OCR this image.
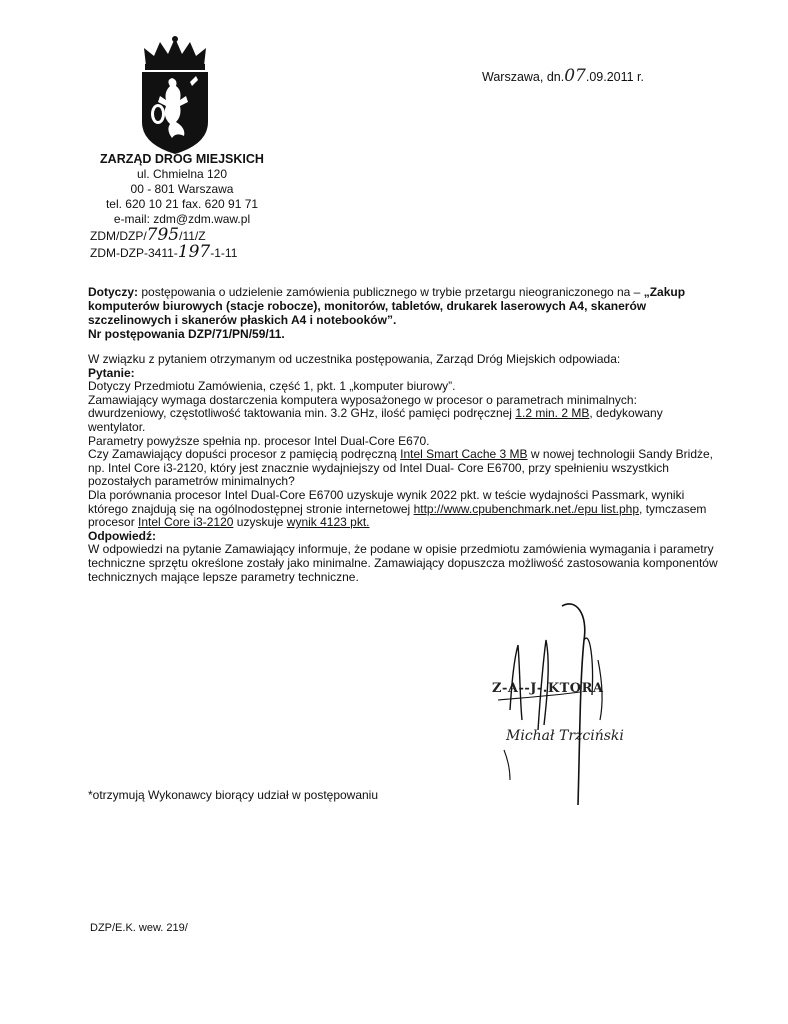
Warszawa, dn.07.09.2011 r.
ZARZĄD DRÓG MIEJSKICH
ul. Chmielna 120
00 - 801 Warszawa
tel. 620 10 21 fax. 620 91 71
e-mail: zdm@zdm.waw.pl
ZDM/DZP/795/11/Z
ZDM-DZP-3411-197-1-11
Dotyczy: postępowania o udzielenie zamówienia publicznego w trybie przetargu nieograniczonego na – „Zakup komputerów biurowych (stacje robocze), monitorów, tabletów, drukarek laserowych A4, skanerów szczelinowych i skanerów płaskich A4 i notebooków”.
Nr postępowania DZP/71/PN/59/11.

W związku z pytaniem otrzymanym od uczestnika postępowania, Zarząd Dróg Miejskich odpowiada:

Pytanie:

Dotyczy Przedmiotu Zamówienia, część 1, pkt. 1 „komputer biurowy”.

Zamawiający wymaga dostarczenia komputera wyposażonego w procesor o parametrach minimalnych: dwurdzeniowy, częstotliwość taktowania min. 3.2 GHz, ilość pamięci podręcznej 1.2 min. 2 MB, dedykowany wentylator.

Parametry powyższe spełnia np. procesor Intel Dual-Core E670.

Czy Zamawiający dopuści procesor z pamięcią podręczną Intel Smart Cache 3 MB w nowej technologii Sandy Bridże, np. Intel Core i3-2120, który jest znacznie wydajniejszy od Intel Dual- Core E6700, przy spełnieniu wszystkich pozostałych parametrów minimalnych?

Dla porównania procesor Intel Dual-Core E6700 uzyskuje wynik 2022 pkt. w teście wydajności Passmark, wyniki którego znajdują się na ogólnodostępnej stronie internetowej http://www.cpubenchmark.net./epu list.php, tymczasem procesor Intel Core i3-2120 uzyskuje wynik 4123 pkt.

Odpowiedź:

W odpowiedzi na pytanie Zamawiający informuje, że podane w opisie przedmiotu zamówienia wymagania i parametry techniczne sprzętu określone zostały jako minimalne. Zamawiający dopuszcza możliwość zastosowania komponentów technicznych mające lepsze parametry techniczne.

Z-A--J-.KTORA
Michał Trzciński
*otrzymują Wykonawcy biorący udział w postępowaniu
DZP/E.K. wew. 219/
